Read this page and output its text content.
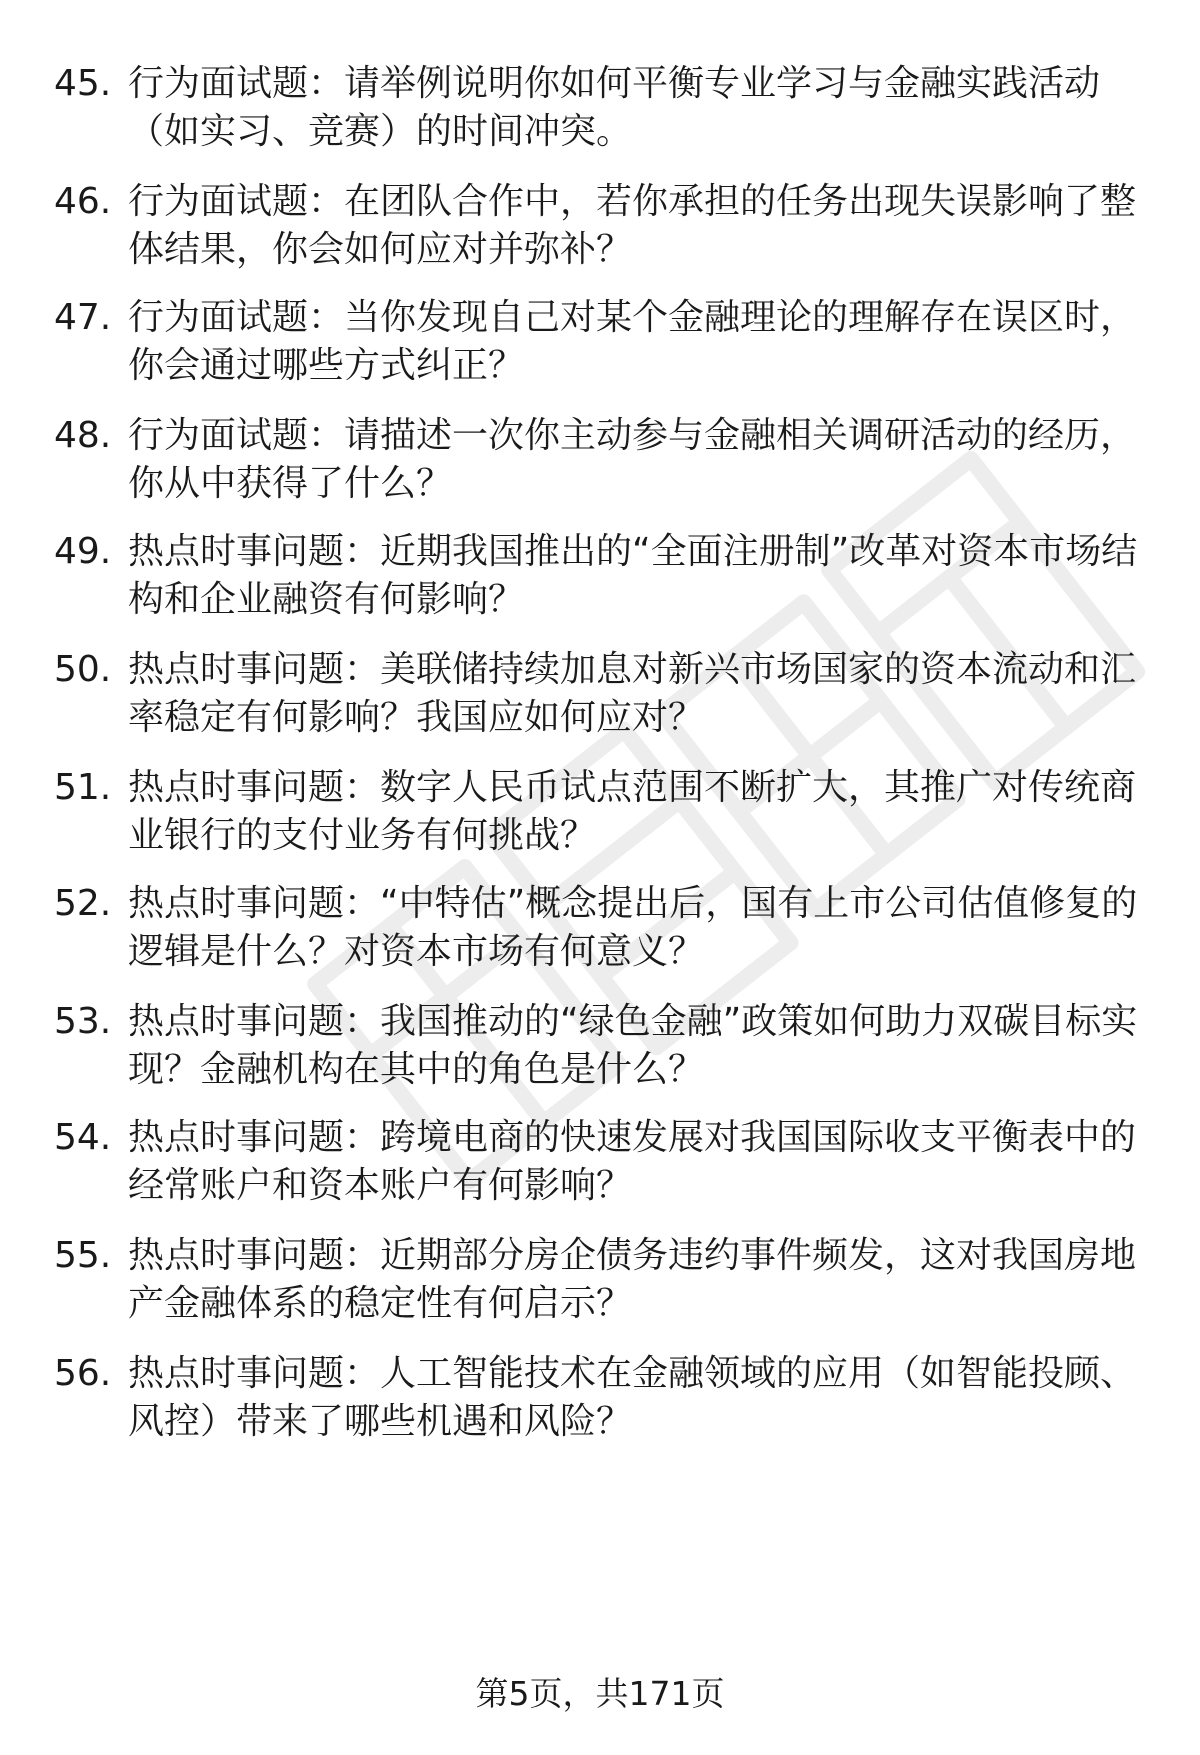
45. 行为面试题：请举例说明你如何平衡专业学习与金融实践活动（如实习、竞赛）的时间冲突。
46. 行为面试题：在团队合作中，若你承担的任务出现失误影响了整体结果，你会如何应对并弥补？
47. 行为面试题：当你发现自己对某个金融理论的理解存在误区时，你会通过哪些方式纠正？
48. 行为面试题：请描述一次你主动参与金融相关调研活动的经历，你从中获得了什么？
49. 热点时事问题：近期我国推出的“全面注册制”改革对资本市场结构和企业融资有何影响？
50. 热点时事问题：美联储持续加息对新兴市场国家的资本流动和汇率稳定有何影响？我国应如何应对？
51. 热点时事问题：数字人民币试点范围不断扩大，其推广对传统商业银行的支付业务有何挑战？
52. 热点时事问题：“中特估”概念提出后，国有上市公司估值修复的逻辑是什么？对资本市场有何意义？
53. 热点时事问题：我国推动的“绿色金融”政策如何助力双碳目标实现？金融机构在其中的角色是什么？
54. 热点时事问题：跨境电商的快速发展对我国国际收支平衡表中的经常账户和资本账户有何影响？
55. 热点时事问题：近期部分房企债务违约事件频发，这对我国房地产金融体系的稳定性有何启示？
56. 热点时事问题：人工智能技术在金融领域的应用（如智能投顾、风控）带来了哪些机遇和风险？
第5页，共171页
